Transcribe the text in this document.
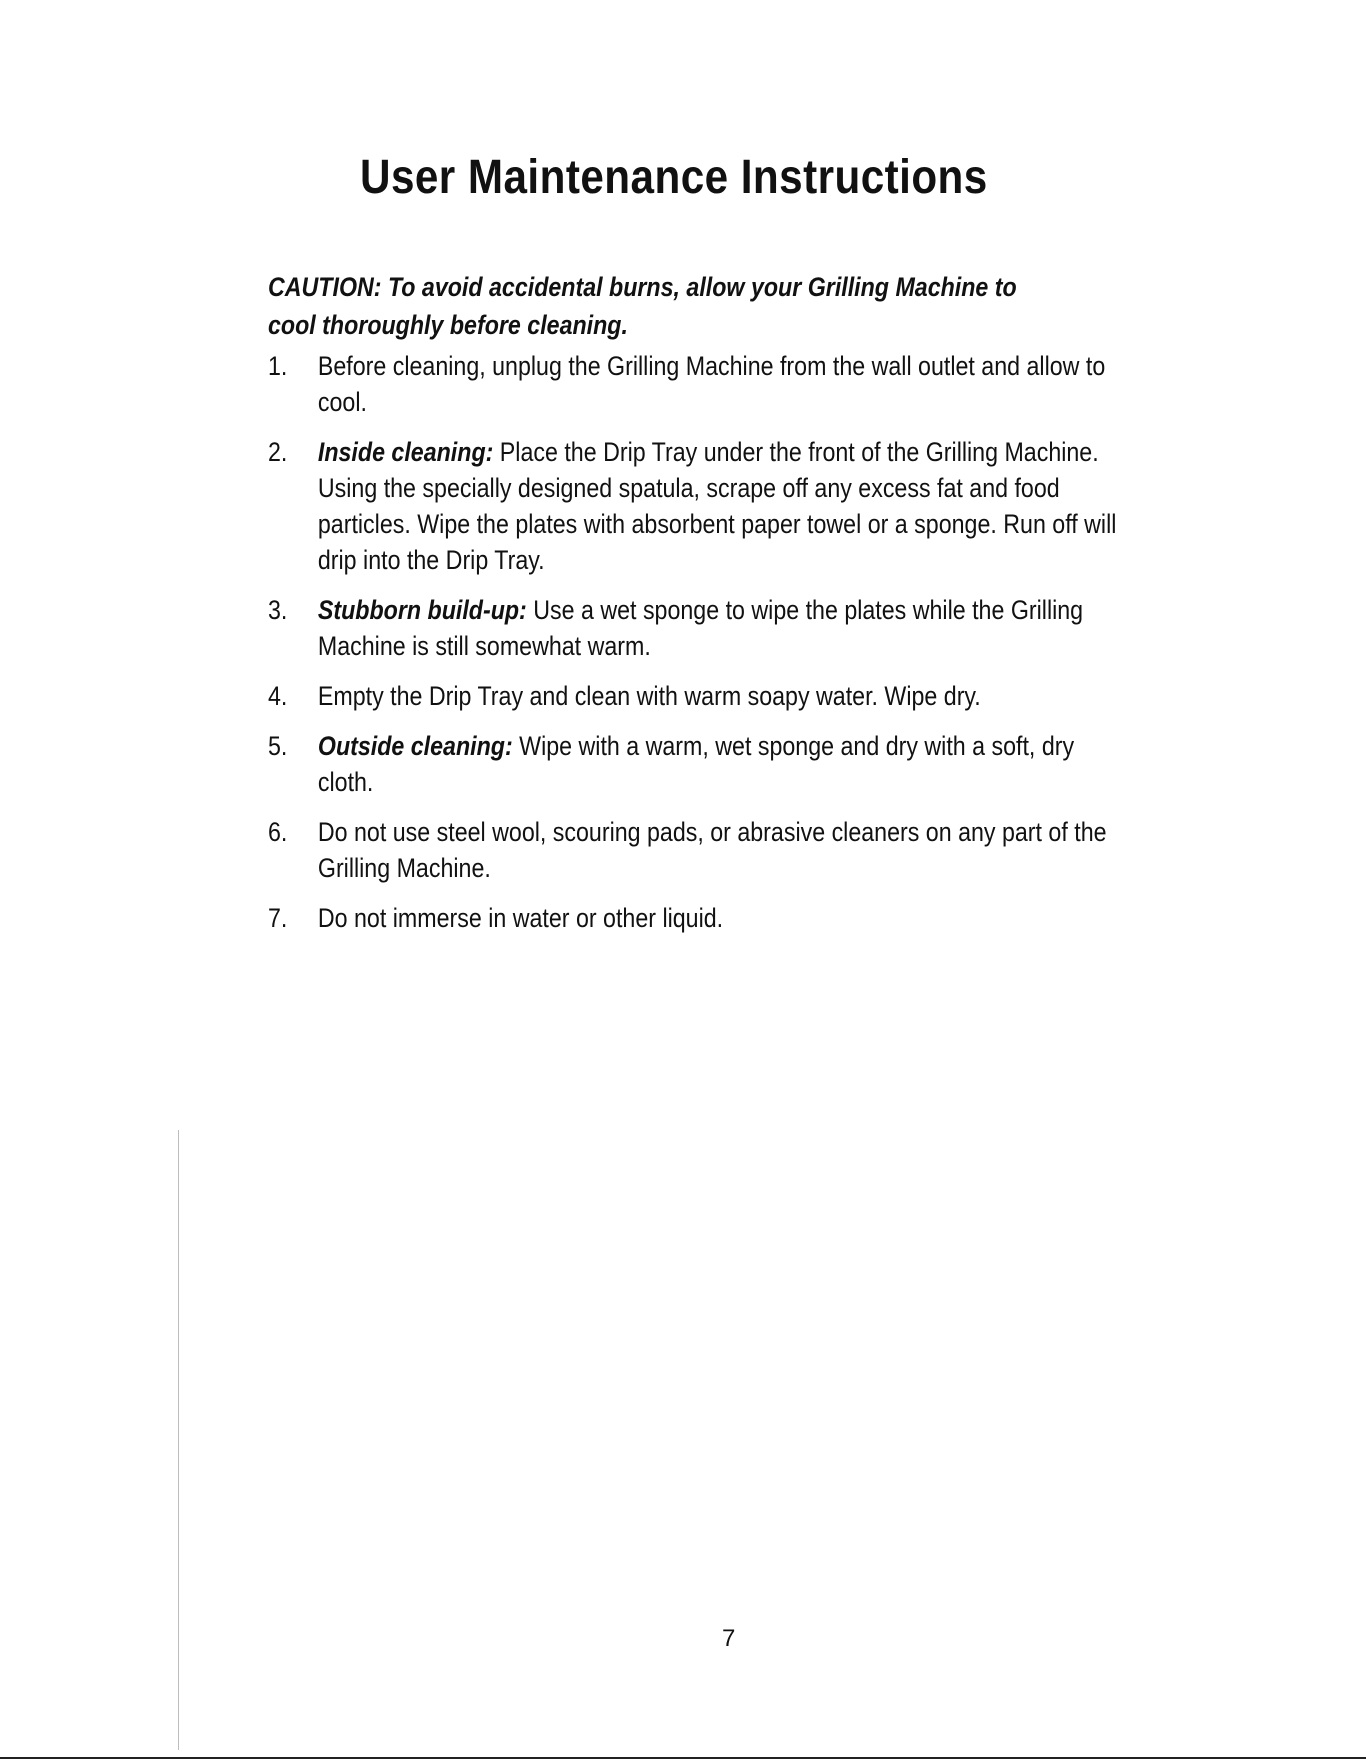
User Maintenance Instructions

CAUTION: To avoid accidental burns, allow your Grilling Machine to cool thoroughly before cleaning.

1. Before cleaning, unplug the Grilling Machine from the wall outlet and allow to cool.
2. Inside cleaning: Place the Drip Tray under the front of the Grilling Machine. Using the specially designed spatula, scrape off any excess fat and food particles. Wipe the plates with absorbent paper towel or a sponge. Run off will drip into the Drip Tray.
3. Stubborn build-up: Use a wet sponge to wipe the plates while the Grilling Machine is still somewhat warm.
4. Empty the Drip Tray and clean with warm soapy water. Wipe dry.
5. Outside cleaning: Wipe with a warm, wet sponge and dry with a soft, dry cloth.
6. Do not use steel wool, scouring pads, or abrasive cleaners on any part of the Grilling Machine.
7. Do not immerse in water or other liquid.
7
